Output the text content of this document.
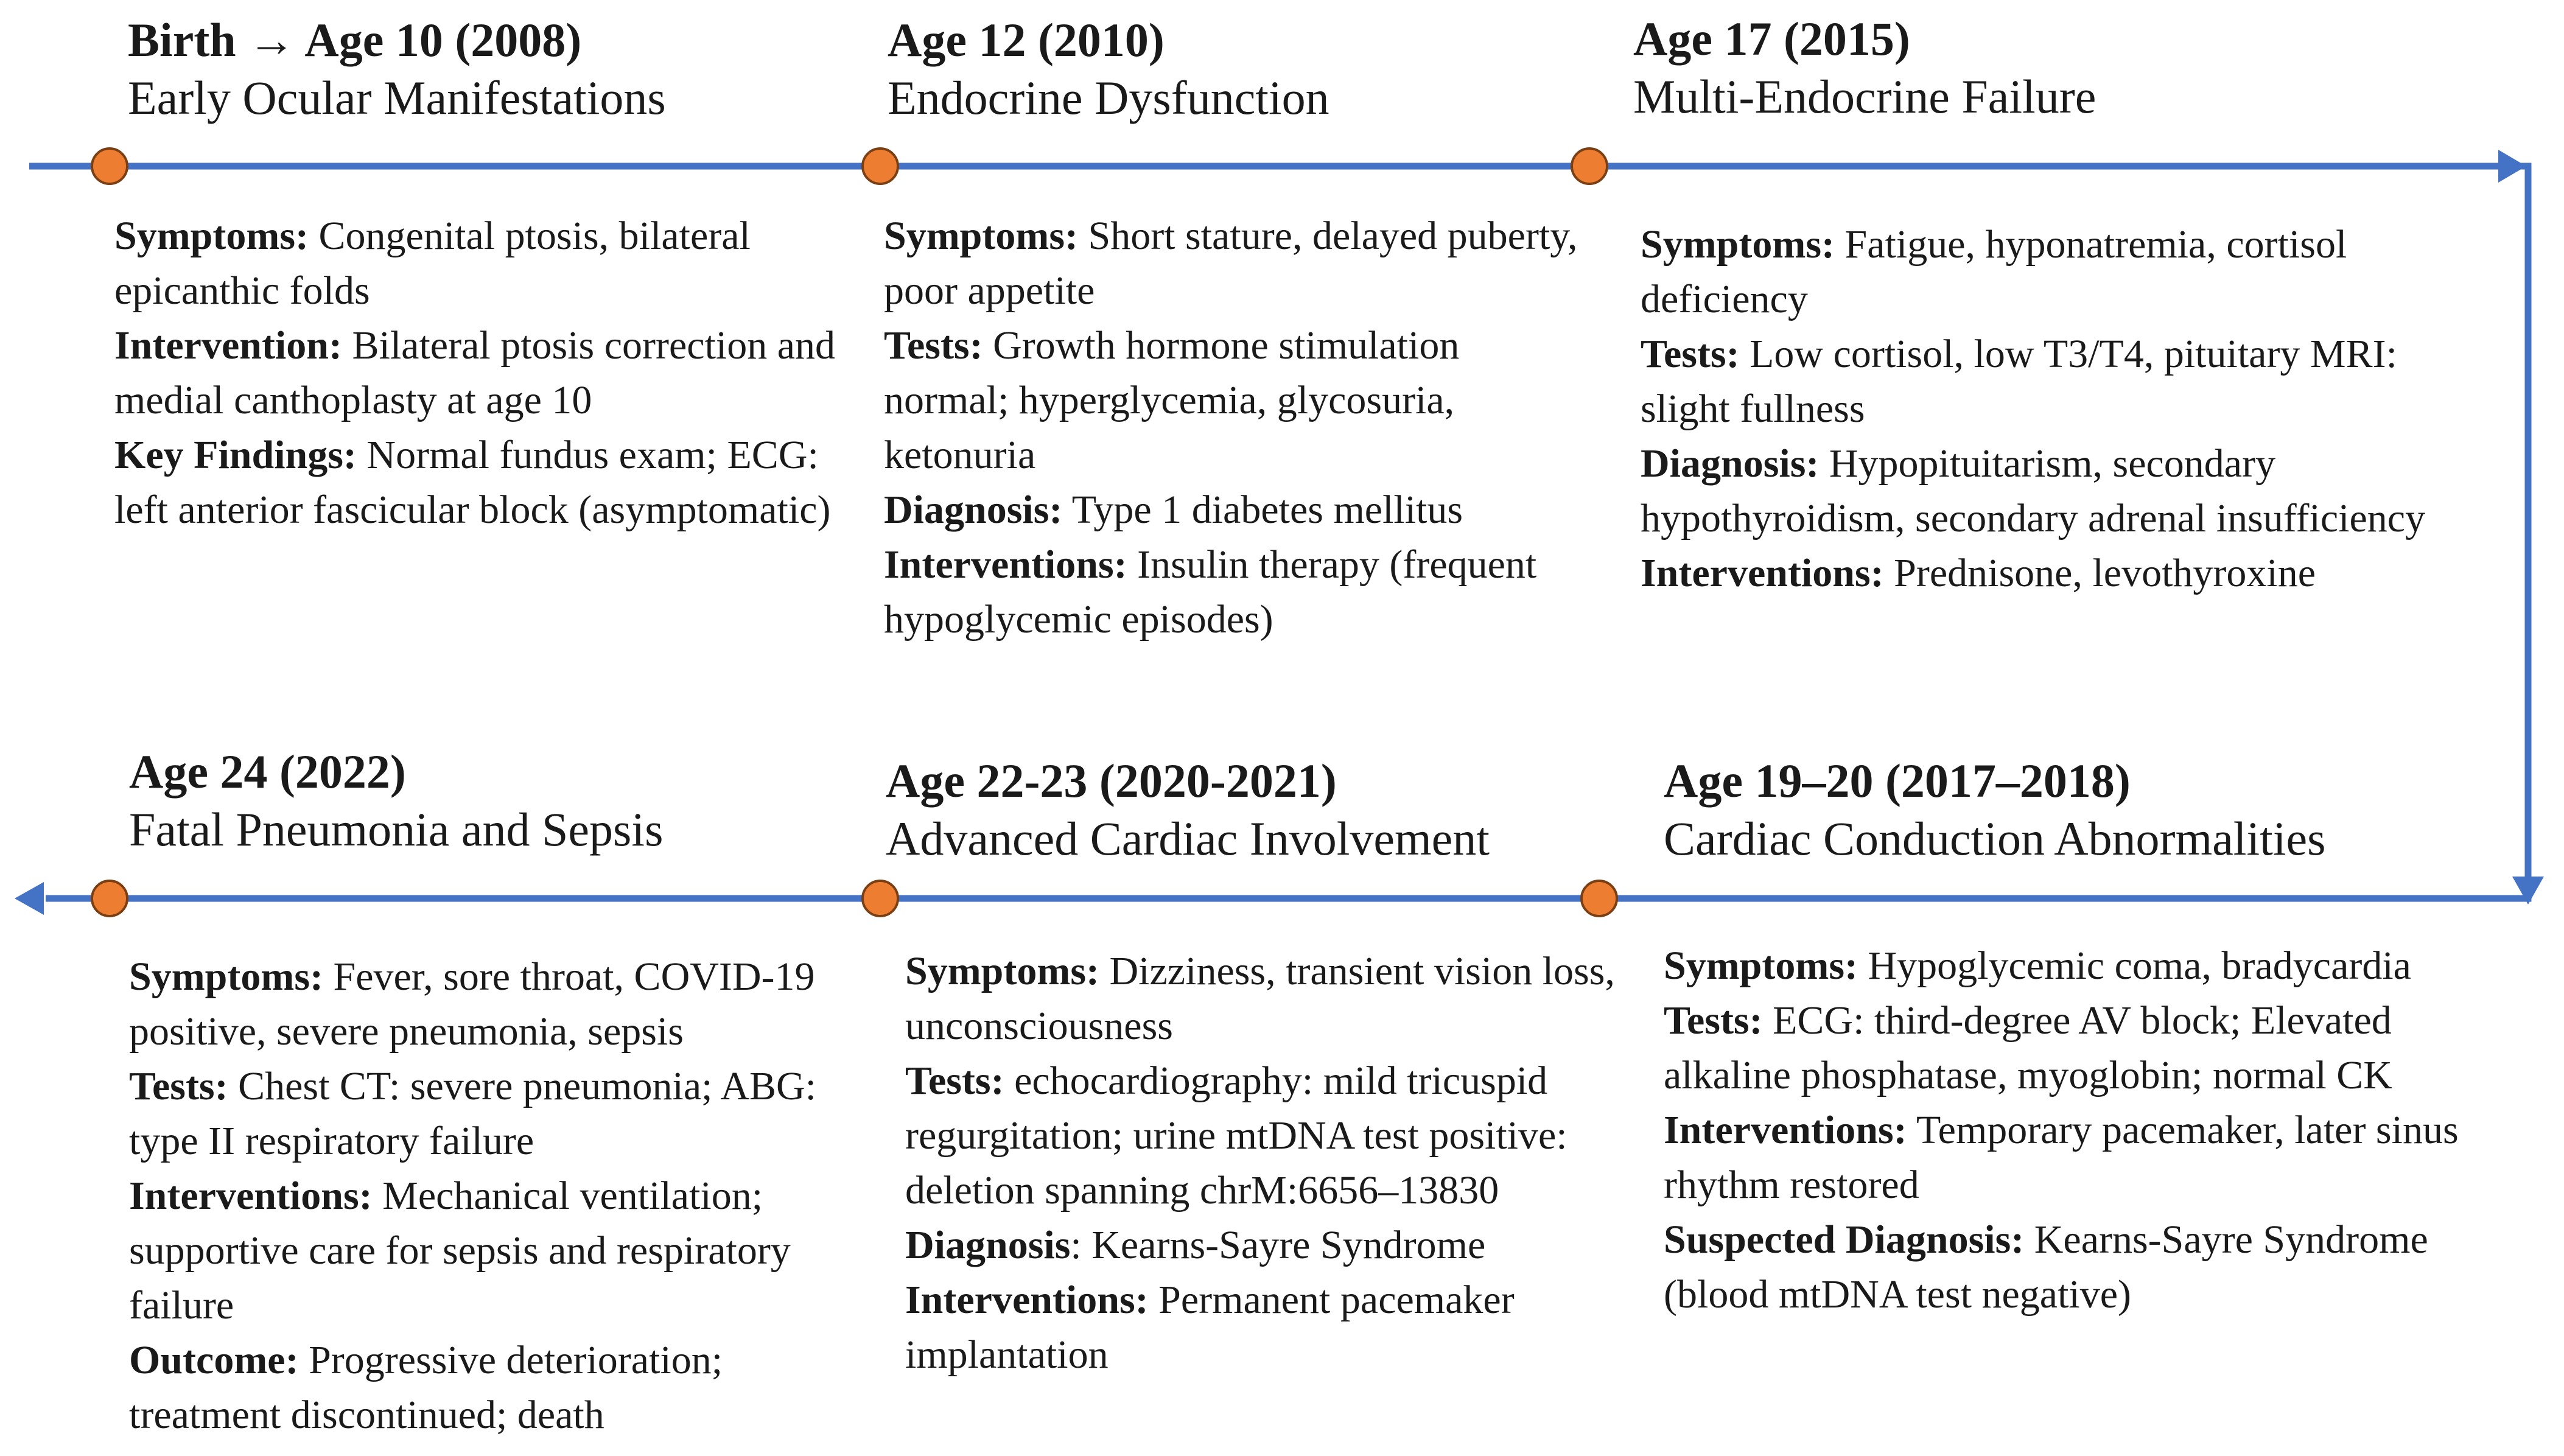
Birth → Age 10 (2008)
Early Ocular Manifestations

Symptoms: Congenital ptosis, bilateral epicanthic folds

Intervention: Bilateral ptosis correction and medial canthoplasty at age 10

Key Findings: Normal fundus exam; ECG: left anterior fascicular block (asymptomatic)

Age 12 (2010)
Endocrine Dysfunction

Symptoms: Short stature, delayed puberty, poor appetite

Tests: Growth hormone stimulation normal; hyperglycemia, glycosuria, ketonuria

Diagnosis: Type 1 diabetes mellitus

Interventions: Insulin therapy (frequent hypoglycemic episodes)

Age 17 (2015)
Multi-Endocrine Failure

Symptoms: Fatigue, hyponatremia, cortisol deficiency

Tests: Low cortisol, low T3/T4, pituitary MRI: slight fullness

Diagnosis: Hypopituitarism, secondary hypothyroidism, secondary adrenal insufficiency

Interventions: Prednisone, levothyroxine

Age 19–20 (2017–2018)
Cardiac Conduction Abnormalities

Symptoms: Hypoglycemic coma, bradycardia

Tests: ECG: third-degree AV block; Elevated alkaline phosphatase, myoglobin; normal CK

Interventions: Temporary pacemaker, later sinus rhythm restored

Suspected Diagnosis: Kearns-Sayre Syndrome (blood mtDNA test negative)

Age 22-23 (2020-2021)
Advanced Cardiac Involvement

Symptoms: Dizziness, transient vision loss, unconsciousness

Tests: echocardiography: mild tricuspid regurgitation; urine mtDNA test positive: deletion spanning chrM:6656–13830

Diagnosis: Kearns-Sayre Syndrome

Interventions: Permanent pacemaker implantation

Age 24 (2022)
Fatal Pneumonia and Sepsis

Symptoms: Fever, sore throat, COVID-19 positive, severe pneumonia, sepsis

Tests: Chest CT: severe pneumonia; ABG: type II respiratory failure

Interventions: Mechanical ventilation; supportive care for sepsis and respiratory failure

Outcome: Progressive deterioration; treatment discontinued; death
